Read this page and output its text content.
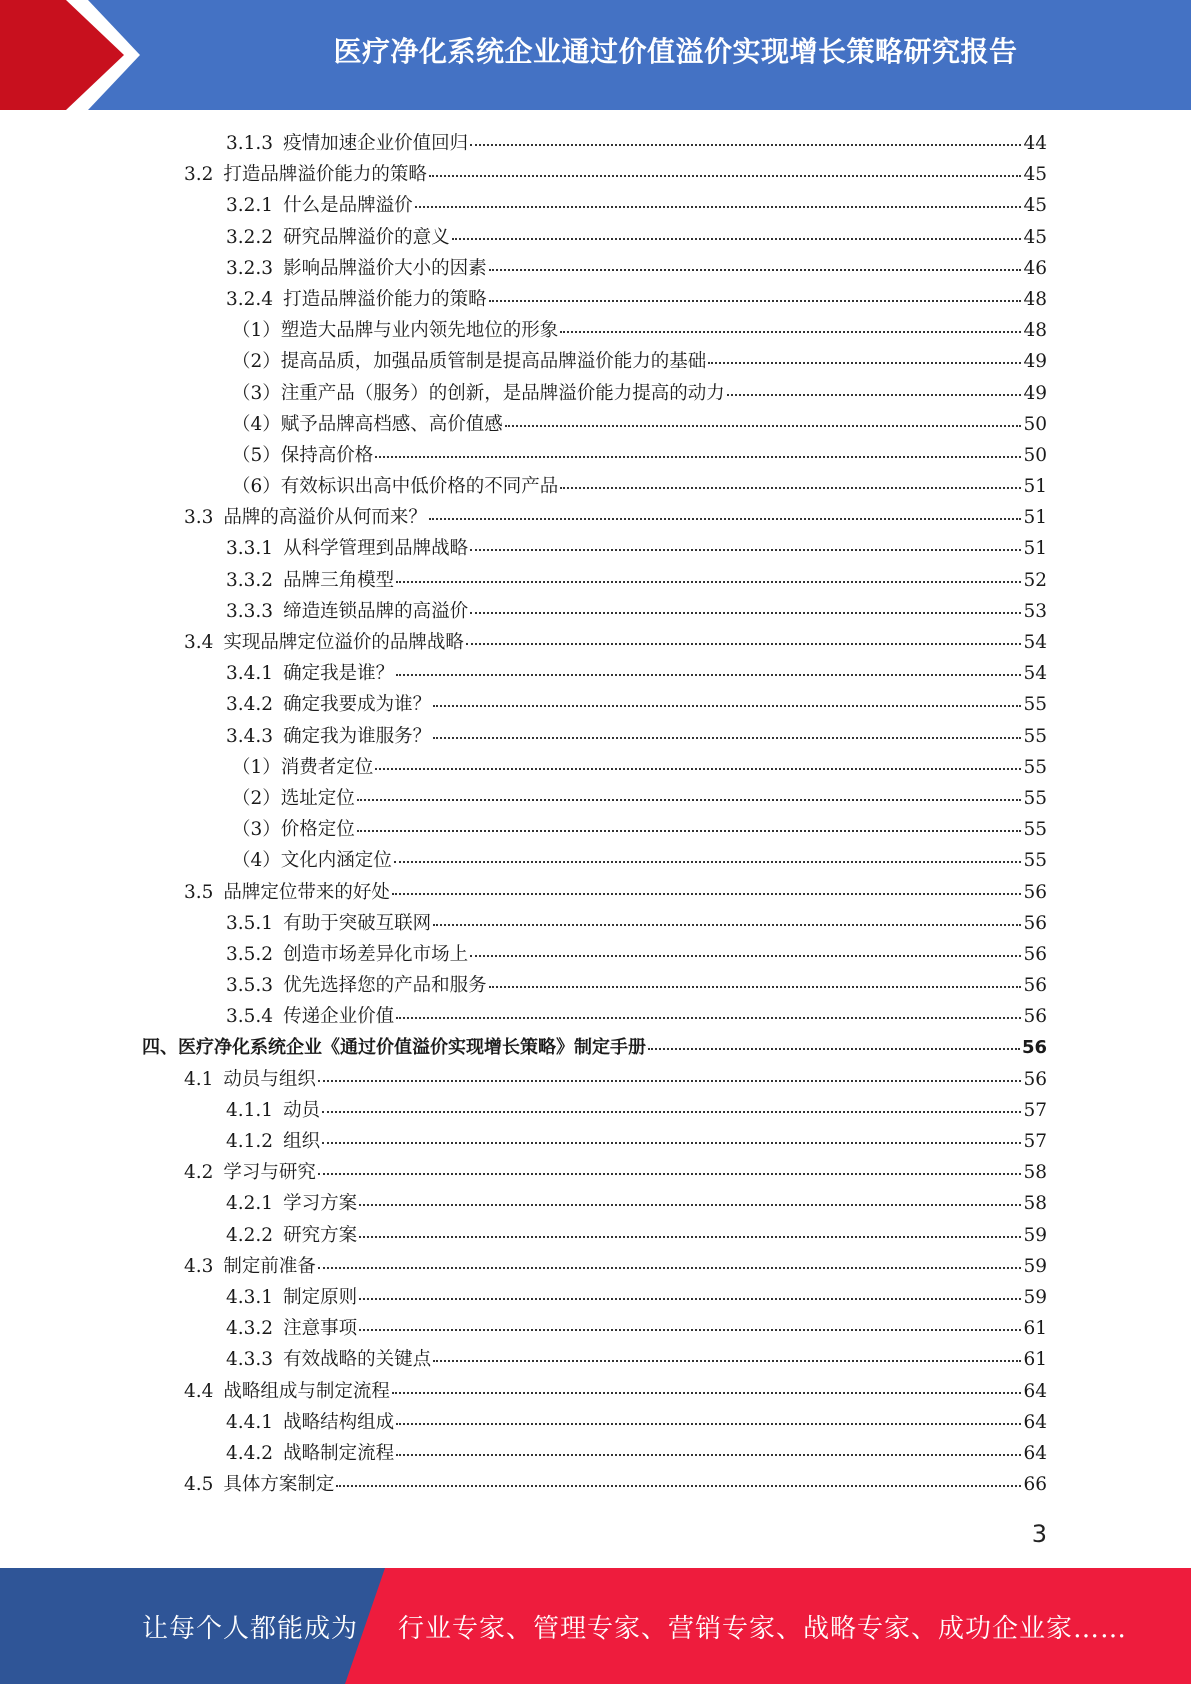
医疗净化系统企业通过价值溢价实现增长策略研究报告
3.1.3 疫情加速企业价值回归	44
3.2 打造品牌溢价能力的策略	45
3.2.1 什么是品牌溢价	45
3.2.2 研究品牌溢价的意义	45
3.2.3 影响品牌溢价大小的因素	46
3.2.4 打造品牌溢价能力的策略	48
（1）塑造大品牌与业内领先地位的形象	48
（2）提高品质，加强品质管制是提高品牌溢价能力的基础	49
（3）注重产品（服务）的创新，是品牌溢价能力提高的动力	49
（4）赋予品牌高档感、高价值感	50
（5）保持高价格	50
（6）有效标识出高中低价格的不同产品	51
3.3 品牌的高溢价从何而来？	51
3.3.1 从科学管理到品牌战略	51
3.3.2 品牌三角模型	52
3.3.3 缔造连锁品牌的高溢价	53
3.4 实现品牌定位溢价的品牌战略	54
3.4.1 确定我是谁？	54
3.4.2 确定我要成为谁？	55
3.4.3 确定我为谁服务？	55
（1）消费者定位	55
（2）选址定位	55
（3）价格定位	55
（4）文化内涵定位	55
3.5 品牌定位带来的好处	56
3.5.1 有助于突破互联网	56
3.5.2 创造市场差异化市场上	56
3.5.3 优先选择您的产品和服务	56
3.5.4 传递企业价值	56
四、医疗净化系统企业《通过价值溢价实现增长策略》制定手册	56
4.1 动员与组织	56
4.1.1 动员	57
4.1.2 组织	57
4.2 学习与研究	58
4.2.1 学习方案	58
4.2.2 研究方案	59
4.3 制定前准备	59
4.3.1 制定原则	59
4.3.2 注意事项	61
4.3.3 有效战略的关键点	61
4.4 战略组成与制定流程	64
4.4.1 战略结构组成	64
4.4.2 战略制定流程	64
4.5 具体方案制定	66
3
让每个人都能成为 行业专家、管理专家、营销专家、战略专家、成功企业家……
